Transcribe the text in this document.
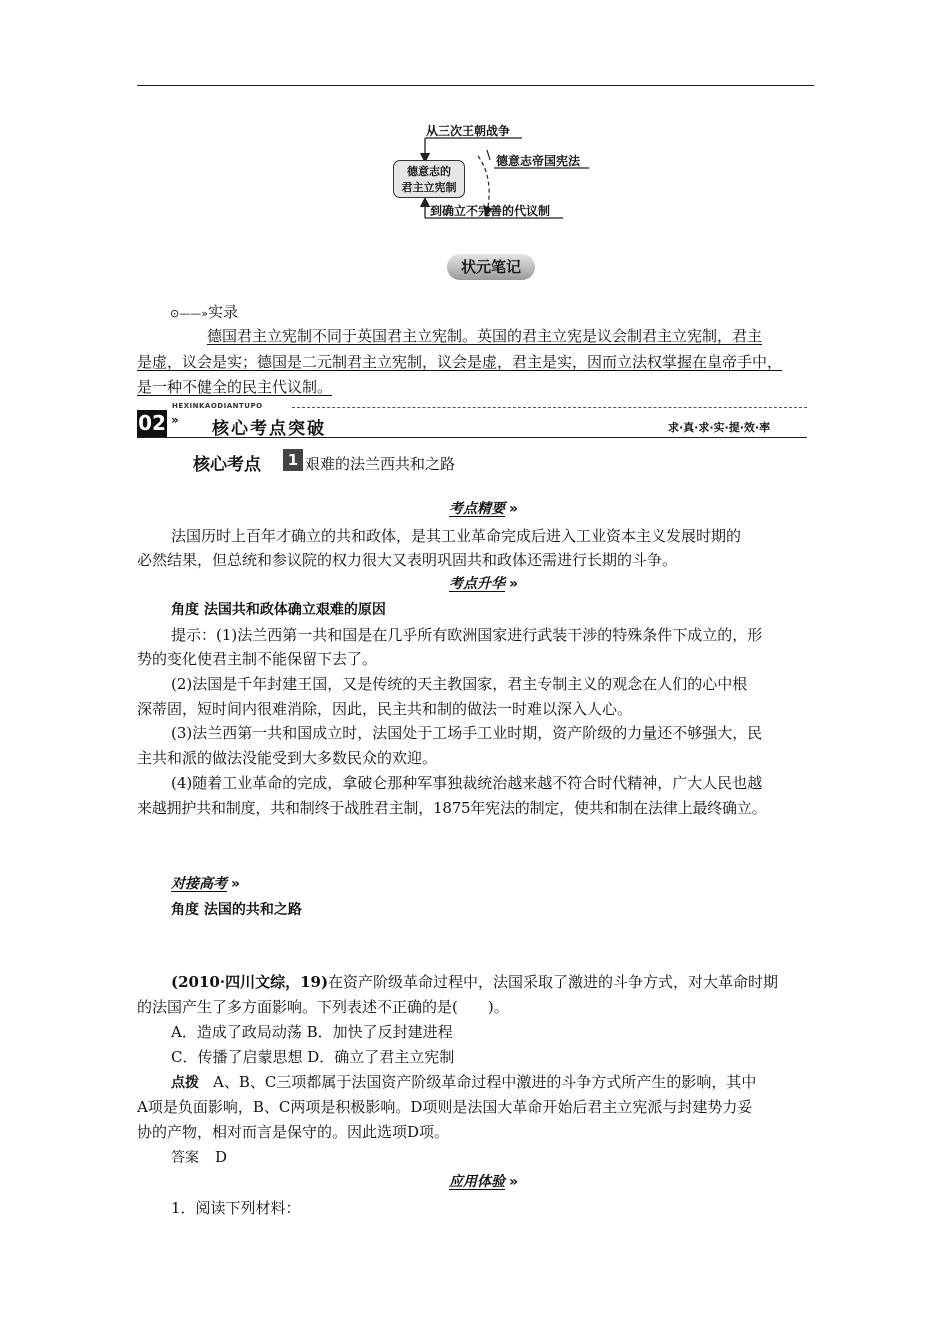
从三次王朝战争
德意志的
君主立宪制
德意志帝国宪法
到确立不完善的代议制
状元笔记
⊙——»实录
德国君主立宪制不同于英国君主立宪制。英国的君主立宪是议会制君主立宪制，君主
是虚，议会是实；德国是二元制君主立宪制，议会是虚，君主是实，因而立法权掌握在皇帝手中，
是一种不健全的民主代议制。
02
HEXINKAODIANTUPO
» 核心考点突破	求·真·求·实·提·效·率
核心考点	1 艰难的法兰西共和之路
考点精要 »
法国历时上百年才确立的共和政体，是其工业革命完成后进入工业资本主义发展时期的
必然结果，但总统和参议院的权力很大又表明巩固共和政体还需进行长期的斗争。
考点升华 »
角度 法国共和政体确立艰难的原因
提示：(1)法兰西第一共和国是在几乎所有欧洲国家进行武装干涉的特殊条件下成立的，形
势的变化使君主制不能保留下去了。
(2)法国是千年封建王国，又是传统的天主教国家，君主专制主义的观念在人们的心中根
深蒂固，短时间内很难消除，因此，民主共和制的做法一时难以深入人心。
(3)法兰西第一共和国成立时，法国处于工场手工业时期，资产阶级的力量还不够强大，民
主共和派的做法没能受到大多数民众的欢迎。
(4)随着工业革命的完成，拿破仑那种军事独裁统治越来越不符合时代精神，广大人民也越
来越拥护共和制度，共和制终于战胜君主制，1875年宪法的制定，使共和制在法律上最终确立。
对接高考 »
角度 法国的共和之路
(2010·四川文综，19)在资产阶级革命过程中，法国采取了激进的斗争方式，对大革命时期
的法国产生了多方面影响。下列表述不正确的是(　　)。
A．造成了政局动荡 B．加快了反封建进程
C．传播了启蒙思想 D．确立了君主立宪制
点拨 A、B、C三项都属于法国资产阶级革命过程中激进的斗争方式所产生的影响，其中
A项是负面影响，B、C两项是积极影响。D项则是法国大革命开始后君主立宪派与封建势力妥
协的产物，相对而言是保守的。因此选项D项。
答案 D
应用体验 »
1．阅读下列材料：
